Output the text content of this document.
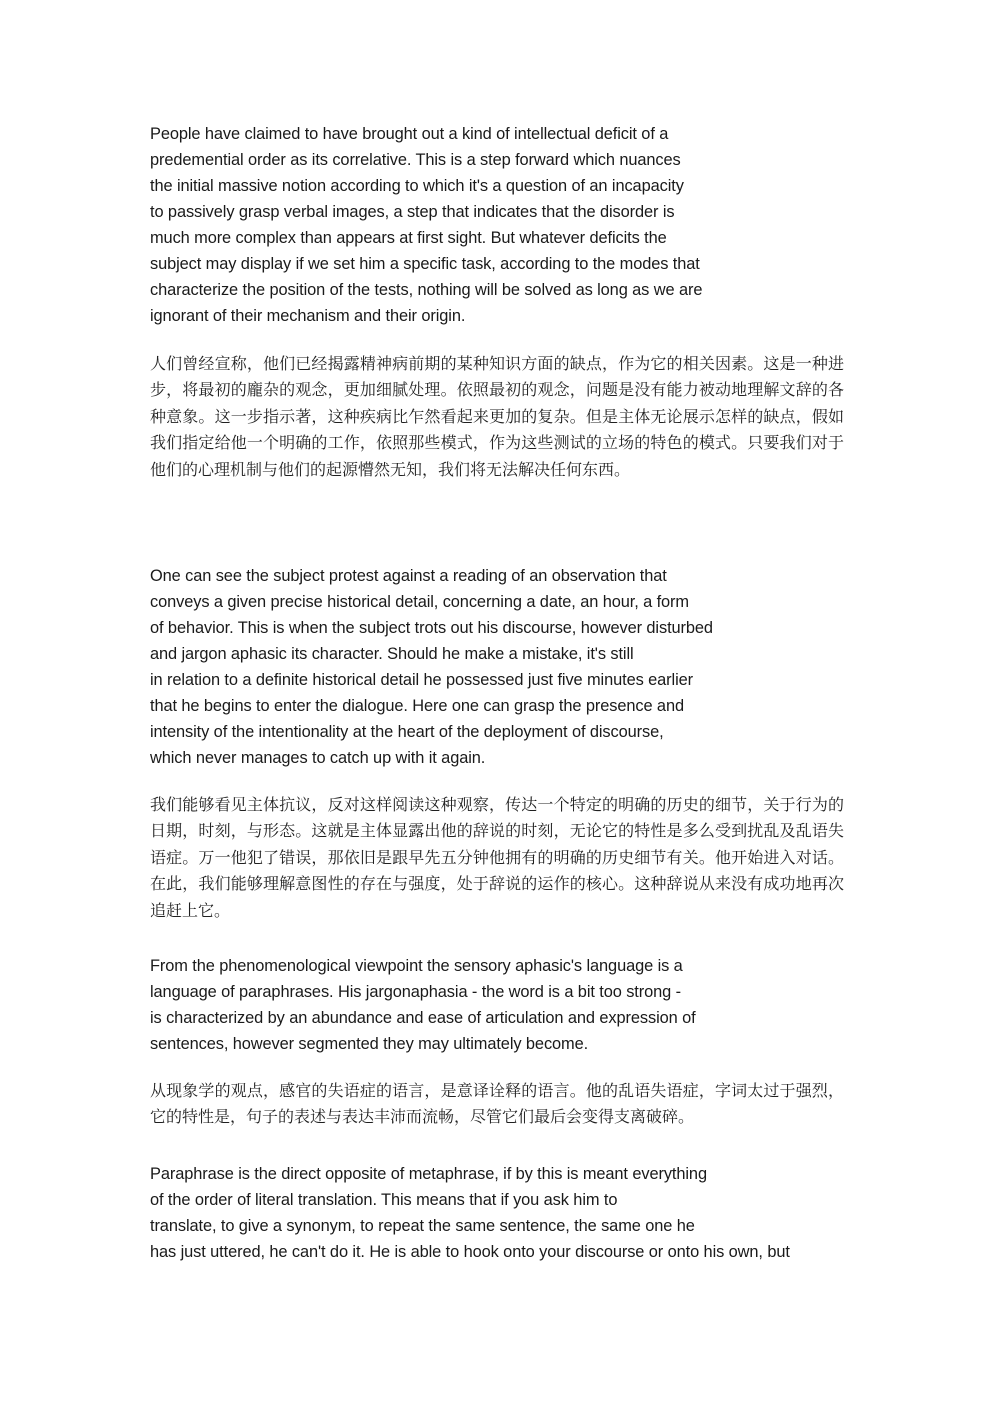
People have claimed to have brought out a kind of intellectual deficit of a
predemential order as its correlative. This is a step forward which nuances
the initial massive notion according to which it's a question of an incapacity
to passively grasp verbal images, a step that indicates that the disorder is
much more complex than appears at first sight. But whatever deficits the
subject may display if we set him a specific task, according to the modes that
characterize the position of the tests, nothing will be solved as long as we are
ignorant of their mechanism and their origin.

人们曾经宣称，他们已经揭露精神病前期的某种知识方面的缺点，作为它的相关因素。这是一种进步，将最初的龐杂的观念，更加细腻处理。依照最初的观念，问题是没有能力被动地理解文辞的各种意象。这一步指示著，这种疾病比乍然看起来更加的复杂。但是主体无论展示怎样的缺点，假如我们指定给他一个明确的工作，依照那些模式，作为这些测试的立场的特色的模式。只要我们对于他们的心理机制与他们的起源懵然无知，我们将无法解决任何东西。

One can see the subject protest against a reading of an observation that
conveys a given precise historical detail, concerning a date, an hour, a form
of behavior. This is when the subject trots out his discourse, however disturbed
and jargon aphasic its character. Should he make a mistake, it's still
in relation to a definite historical detail he possessed just five minutes earlier
that he begins to enter the dialogue. Here one can grasp the presence and
intensity of the intentionality at the heart of the deployment of discourse,
which never manages to catch up with it again.

我们能够看见主体抗议，反对这样阅读这种观察，传达一个特定的明确的历史的细节，关于行为的日期，时刻，与形态。这就是主体显露出他的辞说的时刻，无论它的特性是多么受到扰乱及乱语失语症。万一他犯了错误，那依旧是跟早先五分钟他拥有的明确的历史细节有关。他开始进入对话。在此，我们能够理解意图性的存在与强度，处于辞说的运作的核心。这种辞说从来没有成功地再次追赶上它。

From the phenomenological viewpoint the sensory aphasic's language is a
language of paraphrases. His jargonaphasia - the word is a bit too strong -
is characterized by an abundance and ease of articulation and expression of
sentences, however segmented they may ultimately become.

从现象学的观点，感官的失语症的语言，是意译诠释的语言。他的乱语失语症，字词太过于强烈，它的特性是，句子的表述与表达丰沛而流畅，尽管它们最后会变得支离破碎。

Paraphrase is the direct opposite of metaphrase, if by this is meant everything
of the order of literal translation. This means that if you ask him to
translate, to give a synonym, to repeat the same sentence, the same one he
has just uttered, he can't do it. He is able to hook onto your discourse or onto his own, but
